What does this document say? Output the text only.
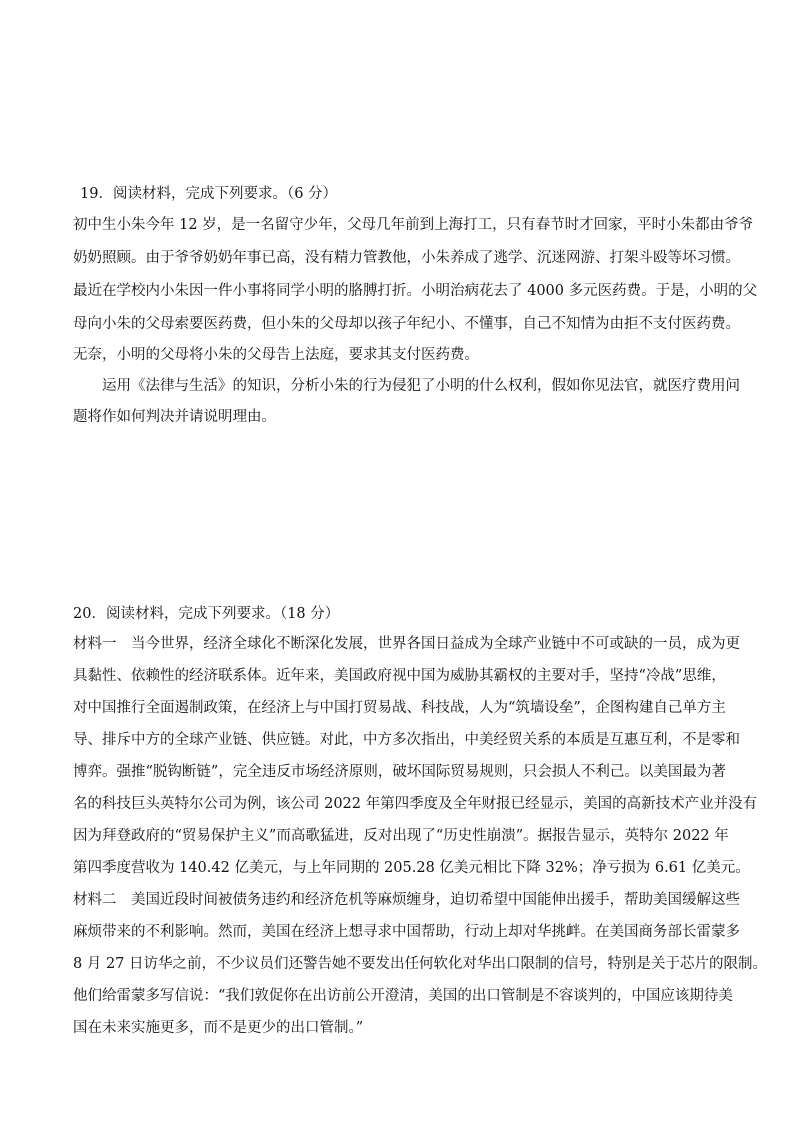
19．阅读材料，完成下列要求。（6 分）
初中生小朱今年 12 岁，是一名留守少年，父母几年前到上海打工，只有春节时才回家，平时小朱都由爷爷
奶奶照顾。由于爷爷奶奶年事已高，没有精力管教他，小朱养成了逃学、沉迷网游、打架斗殴等坏习惯。
最近在学校内小朱因一件小事将同学小明的胳膊打折。小明治病花去了 4000 多元医药费。于是，小明的父
母向小朱的父母索要医药费，但小朱的父母却以孩子年纪小、不懂事，自己不知情为由拒不支付医药费。
无奈，小明的父母将小朱的父母告上法庭，要求其支付医药费。
　　运用《法律与生活》的知识，分析小朱的行为侵犯了小明的什么权利，假如你见法官，就医疗费用问
题将作如何判决并请说明理由。
20．阅读材料，完成下列要求。（18 分）
材料一　当今世界，经济全球化不断深化发展，世界各国日益成为全球产业链中不可或缺的一员，成为更
具黏性、依赖性的经济联系体。近年来，美国政府视中国为威胁其霸权的主要对手，坚持“冷战”思维，
对中国推行全面遏制政策，在经济上与中国打贸易战、科技战，人为“筑墙设垒”，企图构建自己单方主
导、排斥中方的全球产业链、供应链。对此，中方多次指出，中美经贸关系的本质是互惠互利，不是零和
博弈。强推“脱钩断链”，完全违反市场经济原则，破坏国际贸易规则，只会损人不利己。以美国最为著
名的科技巨头英特尔公司为例，该公司 2022 年第四季度及全年财报已经显示，美国的高新技术产业并没有
因为拜登政府的“贸易保护主义”而高歌猛进，反对出现了“历史性崩溃”。据报告显示，英特尔 2022 年
第四季度营收为 140.42 亿美元，与上年同期的 205.28 亿美元相比下降 32%；净亏损为 6.61 亿美元。
材料二　美国近段时间被债务违约和经济危机等麻烦缠身，迫切希望中国能伸出援手，帮助美国缓解这些
麻烦带来的不利影响。然而，美国在经济上想寻求中国帮助，行动上却对华挑衅。在美国商务部长雷蒙多
8 月 27 日访华之前，不少议员们还警告她不要发出任何软化对华出口限制的信号，特别是关于芯片的限制。
他们给雷蒙多写信说：“我们敦促你在出访前公开澄清，美国的出口管制是不容谈判的，中国应该期待美
国在未来实施更多，而不是更少的出口管制。”
